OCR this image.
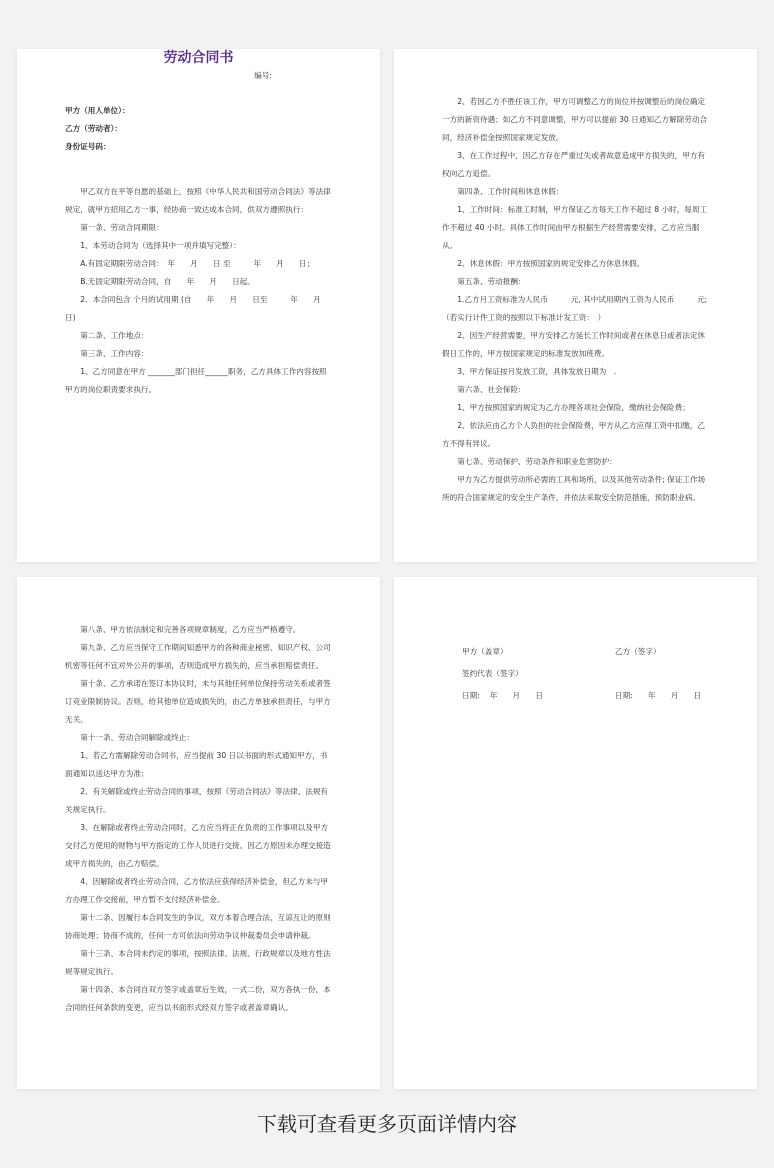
劳动合同书

编号:

甲方（用人单位）：

乙方（劳动者）：

身份证号码：

甲乙双方在平等自愿的基础上，按照《中华人民共和国劳动合同法》等法律规定，就甲方招用乙方一事，经协商一致达成本合同，供双方遵照执行：

第一条、劳动合同期限：

1、本劳动合同为（选择其中一项并填写完整）：

A.有固定期限劳动合同：　年　　月　　日 至　　　年　　月　　日；

B.无固定期限劳动合同，自　　年　　月　　日起。

2、本合同包含 个月的试用期 (自　　年　　月　　日至　　　年　　月　　日)

第二条、工作地点：

第三条、工作内容：

1、乙方同意在甲方 _______部门担任______职务，乙方具体工作内容按照甲方的岗位职责要求执行。

2、若因乙方不胜任该工作，甲方可调整乙方的岗位并按调整后的岗位确定一方的新资待遇；如乙方不同意调整，甲方可以提前 30 日通知乙方解除劳动合同，经济补偿金按照国家规定发放。

3、在工作过程中，因乙方存在严重过失或者故意造成甲方损失的，甲方有权向乙方追偿。

第四条、工作时间和休息休假：

1、工作时间：标准工时制，甲方保证乙方每天工作不超过 8 小时，每周工作不超过 40 小时。具体工作时间由甲方根据生产经营需要安排，乙方应当服从。

2、休息休假：甲方按照国家的规定安排乙方休息休假。

第五条、劳动报酬：

1.乙方月工资标准为人民币　　　元, 其中试用期内工资为人民币　　　元;（若实行计件工资的按照以下标准计发工资：　）

2、因生产经营需要，甲方安排乙方延长工作时间或者在休息日或者法定休假日工作的，甲方按国家规定的标准发放加班费。

3、甲方保证按月发放工资，具体发放日期为　.

第六条、社会保险：

1、甲方按照国家的规定为乙方办理各项社会保险，缴纳社会保险费；

2、依法应由乙方个人负担的社会保险费，甲方从乙方应得工资中扣缴，乙方不得有异议。

第七条、劳动保护、劳动条件和职业危害防护：

甲方为乙方提供劳动所必需的工具和场所，以及其他劳动条件; 保证工作场所的符合国家规定的安全生产条件，并依法采取安全防范措施，预防职业病。

第八条、甲方依法制定和完善各项规章制度，乙方应当严格遵守。

第九条、乙方应当保守工作期间知悉甲方的各种商业秘密、知识产权、公司机密等任何不宜对外公开的事项，否则造成甲方损失的，应当承担赔偿责任。

第十条、乙方承诺在签订本协议时，未与其他任何单位保持劳动关系或者签订竞业限制协议。否则，给其他单位造成损失的，由乙方单独承担责任，与甲方无关。

第十一条、劳动合同解除或终止：

1、若乙方需解除劳动合同书，应当提前 30 日以书面的形式通知甲方，书面通知以送达甲方为准；

2、有关解除或终止劳动合同的事项，按照《劳动合同法》等法律、法规有关规定执行。

3、在解除或者终止劳动合同时，乙方应当将正在负责的工作事项以及甲方交付乙方使用的财物与甲方指定的工作人员进行交接。因乙方原因未办理交接造成甲方损失的，由乙方赔偿。

4、因解除或者终止劳动合同，乙方依法应获得经济补偿金，但乙方未与甲方办理工作交接前，甲方暂不支付经济补偿金。

第十二条、因履行本合同发生的争议，双方本着合理合法、互谅互让的原则协商处理；协商不成的，任何一方可依法向劳动争议仲裁委员会申请仲裁。

第十三条、本合同未约定的事项，按照法律、法规、行政规章以及地方性法规等规定执行。

第十四条、本合同自双方签字或盖章后生效，一式二份，双方各执一份，本合同的任何条款的变更，应当以书面形式经双方签字或者盖章确认。

甲方（盖章）	乙方（签字）
签约代表（签字）
日期:　 年　　月　　日	日期:　　年　　月　　日
下载可查看更多页面详情内容
